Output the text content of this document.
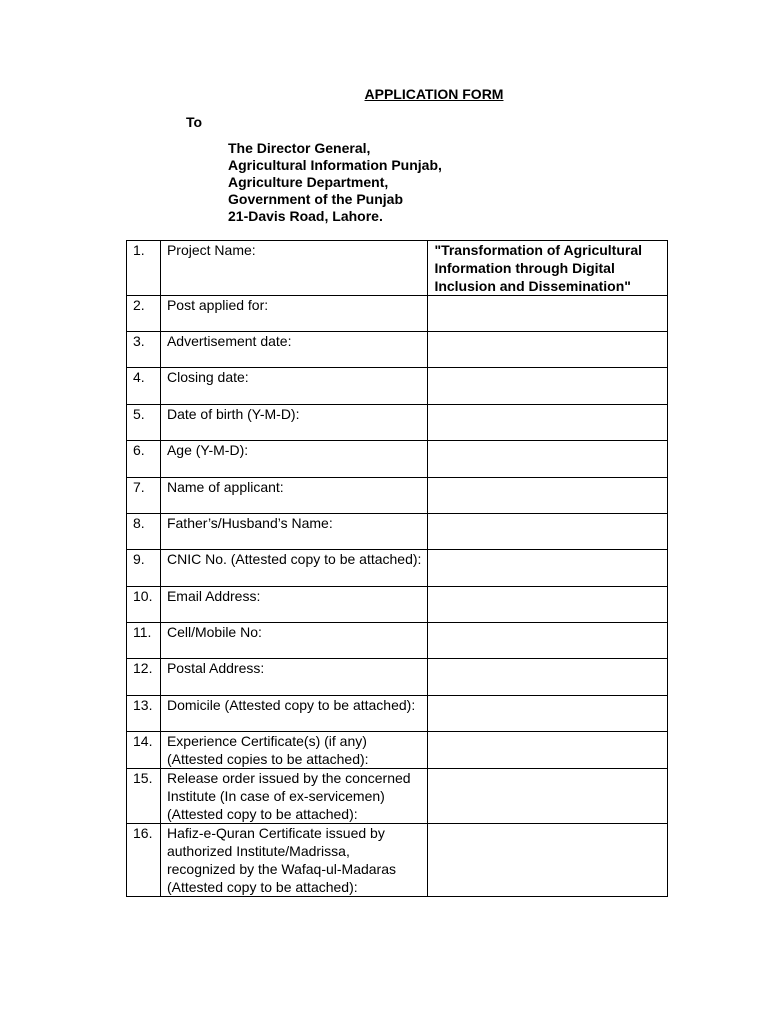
APPLICATION FORM
To
The Director General,
Agricultural Information Punjab,
Agriculture Department,
Government of the Punjab
21-Davis Road, Lahore.
1.	Project Name:	"Transformation of Agricultural Information through Digital Inclusion and Dissemination"
2.	Post applied for:	

3.	Advertisement date:	

4.	Closing date:	

5.	Date of birth (Y-M-D):	

6.	Age (Y-M-D):	

7.	Name of applicant:	

8.	Father’s/Husband’s Name:	

9.	CNIC No. (Attested copy to be attached):	

10.	Email Address:	

11.	Cell/Mobile No:	

12.	Postal Address:	

13.	Domicile (Attested copy to be attached):	

14.	Experience Certificate(s) (if any)
(Attested copies to be attached):	

15.	Release order issued by the concerned
Institute (In case of ex-servicemen)
(Attested copy to be attached):	

16.	Hafiz-e-Quran Certificate issued by
authorized Institute/Madrissa,
recognized by the Wafaq-ul-Madaras
(Attested copy to be attached):	
